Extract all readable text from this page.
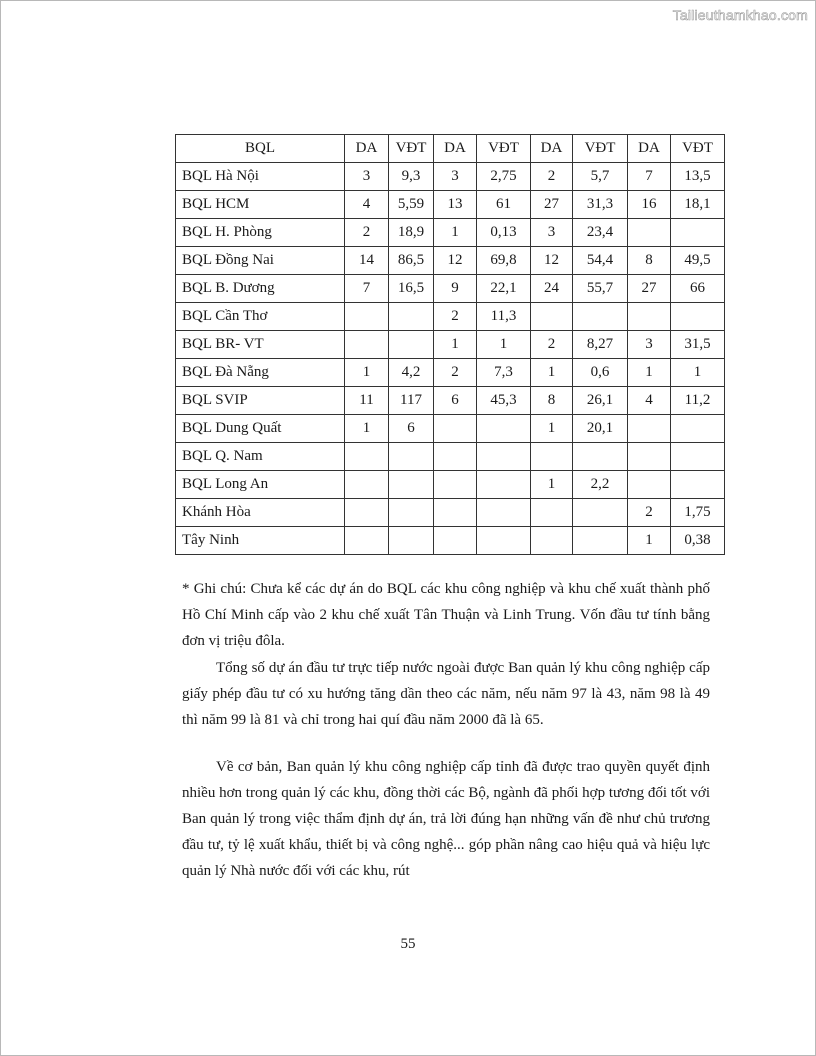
Tailieuthamkhao.com
BQL	DA	VĐT	DA	VĐT	DA	VĐT	DA	VĐT
BQL Hà Nội	3	9,3	3	2,75	2	5,7	7	13,5
BQL HCM	4	5,59	13	61	27	31,3	16	18,1
BQL H. Phòng	2	18,9	1	0,13	3	23,4		
BQL Đồng Nai	14	86,5	12	69,8	12	54,4	8	49,5
BQL B. Dương	7	16,5	9	22,1	24	55,7	27	66
BQL Cần Thơ			2	11,3				
BQL BR- VT			1	1	2	8,27	3	31,5
BQL Đà Nẵng	1	4,2	2	7,3	1	0,6	1	1
BQL SVIP	11	117	6	45,3	8	26,1	4	11,2
BQL Dung Quất	1	6			1	20,1		
BQL Q. Nam								
BQL Long An					1	2,2		
Khánh Hòa							2	1,75
Tây Ninh							1	0,38

* Ghi chú: Chưa kể các dự án do BQL các khu công nghiệp và khu chế xuất thành phố Hồ Chí Minh cấp vào 2 khu chế xuất Tân Thuận và Linh Trung. Vốn đầu tư tính bằng đơn vị triệu đôla.

Tổng số dự án đầu tư trực tiếp nước ngoài được Ban quản lý khu công nghiệp cấp giấy phép đầu tư có xu hướng tăng dần theo các năm, nếu năm 97 là 43, năm 98 là 49 thì năm 99 là 81 và chỉ trong hai quí đầu năm 2000 đã là 65.

Về cơ bản, Ban quản lý khu công nghiệp cấp tỉnh đã được trao quyền quyết định nhiều hơn trong quản lý các khu, đồng thời các Bộ, ngành đã phối hợp tương đối tốt với Ban quản lý trong việc thẩm định dự án, trả lời đúng hạn những vấn đề như chủ trương đầu tư, tỷ lệ xuất khẩu, thiết bị và công nghệ... góp phần nâng cao hiệu quả và hiệu lực quản lý Nhà nước đối với các khu, rút

55
